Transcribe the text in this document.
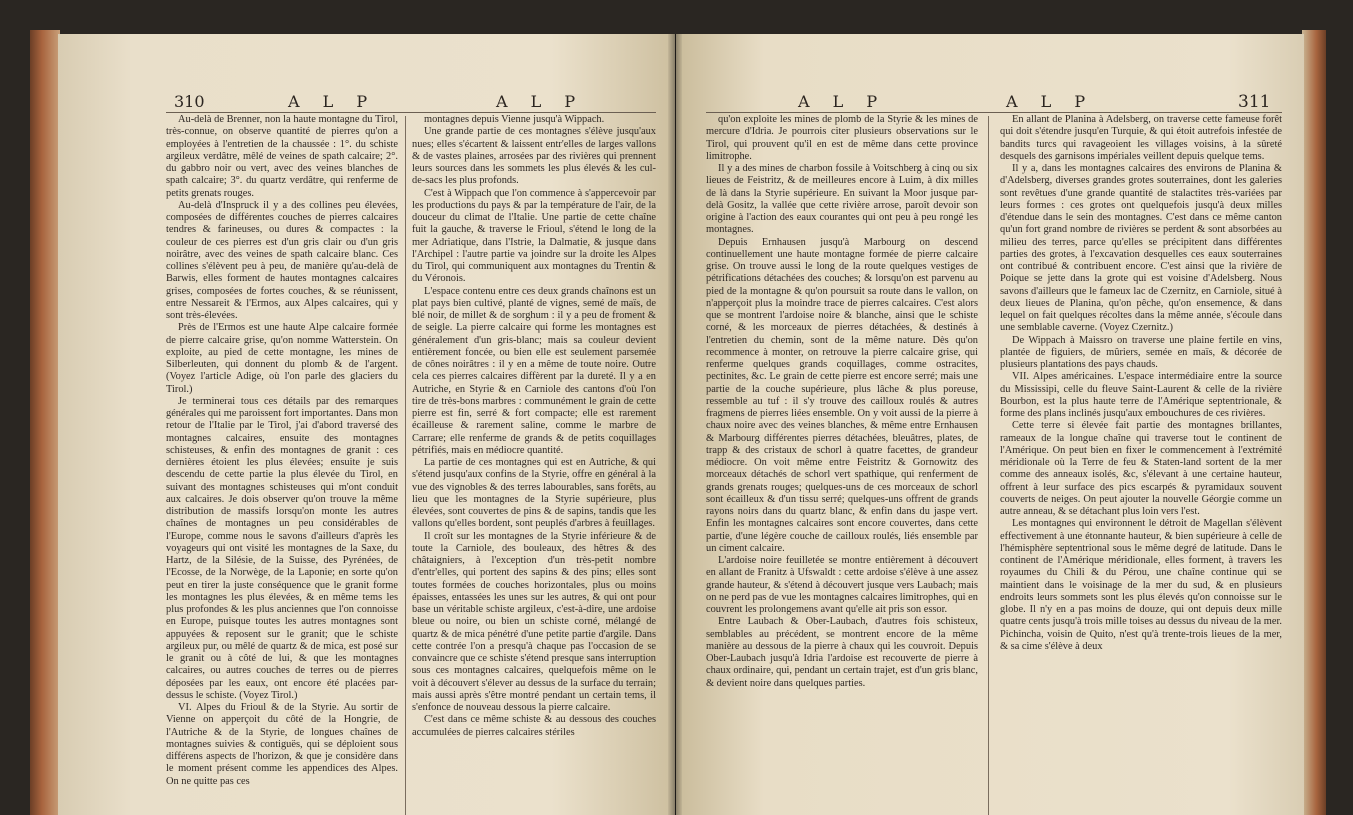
310	A L P	A L P

Au-delà de Brenner, non la haute montagne du Tirol, très-connue, on observe quantité de pierres qu'on a employées à l'entretien de la chaussée : 1°. du schiste argileux verdâtre, mêlé de veines de spath calcaire; 2°. du gabbro noir ou vert, avec des veines blanches de spath calcaire; 3°. du quartz verdâtre, qui renferme de petits grenats rouges.

Au-delà d'Inspruck il y a des collines peu élevées, composées de différentes couches de pierres calcaires tendres & farineuses, ou dures & compactes : la couleur de ces pierres est d'un gris clair ou d'un gris noirâtre, avec des veines de spath calcaire blanc. Ces collines s'élèvent peu à peu, de manière qu'au-delà de Barwis, elles forment de hautes montagnes calcaires grises, composées de fortes couches, & se réunissent, entre Nessareit & l'Ermos, aux Alpes calcaires, qui y sont très-élevées.

Près de l'Ermos est une haute Alpe calcaire formée de pierre calcaire grise, qu'on nomme Watterstein. On exploite, au pied de cette montagne, les mines de Silberleuten, qui donnent du plomb & de l'argent. (Voyez l'article Adige, où l'on parle des glaciers du Tirol.)

Je terminerai tous ces détails par des remarques générales qui me paroissent fort importantes. Dans mon retour de l'Italie par le Tirol, j'ai d'abord traversé des montagnes calcaires, ensuite des montagnes schisteuses, & enfin des montagnes de granit : ces dernières étoient les plus élevées; ensuite je suis descendu de cette partie la plus élevée du Tirol, en suivant des montagnes schisteuses qui m'ont conduit aux calcaires. Je dois observer qu'on trouve la même distribution de massifs lorsqu'on monte les autres chaînes de montagnes un peu considérables de l'Europe, comme nous le savons d'ailleurs d'après les voyageurs qui ont visité les montagnes de la Saxe, du Hartz, de la Silésie, de la Suisse, des Pyrénées, de l'Ecosse, de la Norwège, de la Laponie; en sorte qu'on peut en tirer la juste conséquence que le granit forme les montagnes les plus élevées, & en même tems les plus profondes & les plus anciennes que l'on connoisse en Europe, puisque toutes les autres montagnes sont appuyées & reposent sur le granit; que le schiste argileux pur, ou mêlé de quartz & de mica, est posé sur le granit ou à côté de lui, & que les montagnes calcaires, ou autres couches de terres ou de pierres déposées par les eaux, ont encore été placées par-dessus le schiste. (Voyez Tirol.)

VI. Alpes du Frioul & de la Styrie. Au sortir de Vienne on apperçoit du côté de la Hongrie, de l'Autriche & de la Styrie, de longues chaînes de montagnes suivies & contiguës, qui se déploient sous différens aspects de l'horizon, & que je considère dans le moment présent comme les appendices des Alpes. On ne quitte pas ces

montagnes depuis Vienne jusqu'à Wippach.

Une grande partie de ces montagnes s'élève jusqu'aux nues; elles s'écartent & laissent entr'elles de larges vallons & de vastes plaines, arrosées par des rivières qui prennent leurs sources dans les sommets les plus élevés & les cul-de-sacs les plus profonds.

C'est à Wippach que l'on commence à s'appercevoir par les productions du pays & par la température de l'air, de la douceur du climat de l'Italie. Une partie de cette chaîne fuit la gauche, & traverse le Frioul, s'étend le long de la mer Adriatique, dans l'Istrie, la Dalmatie, & jusque dans l'Archipel : l'autre partie va joindre sur la droite les Alpes du Tirol, qui communiquent aux montagnes du Trentin & du Véronois.

L'espace contenu entre ces deux grands chaînons est un plat pays bien cultivé, planté de vignes, semé de maïs, de blé noir, de millet & de sorghum : il y a peu de froment & de seigle. La pierre calcaire qui forme les montagnes est généralement d'un gris-blanc; mais sa couleur devient entièrement foncée, ou bien elle est seulement parsemée de cônes noirâtres : il y en a même de toute noire. Outre cela ces pierres calcaires diffèrent par la dureté. Il y a en Autriche, en Styrie & en Carniole des cantons d'où l'on tire de très-bons marbres : communément le grain de cette pierre est fin, serré & fort compacte; elle est rarement écailleuse & rarement saline, comme le marbre de Carrare; elle renferme de grands & de petits coquillages pétrifiés, mais en médiocre quantité.

La partie de ces montagnes qui est en Autriche, & qui s'étend jusqu'aux confins de la Styrie, offre en général à la vue des vignobles & des terres labourables, sans forêts, au lieu que les montagnes de la Styrie supérieure, plus élevées, sont couvertes de pins & de sapins, tandis que les vallons qu'elles bordent, sont peuplés d'arbres à feuillages.

Il croît sur les montagnes de la Styrie inférieure & de toute la Carniole, des bouleaux, des hêtres & des châtaigniers, à l'exception d'un très-petit nombre d'entr'elles, qui portent des sapins & des pins; elles sont toutes formées de couches horizontales, plus ou moins épaisses, entassées les unes sur les autres, & qui ont pour base un véritable schiste argileux, c'est-à-dire, une ardoise bleue ou noire, ou bien un schiste corné, mélangé de quartz & de mica pénétré d'une petite partie d'argile. Dans cette contrée l'on a presqu'à chaque pas l'occasion de se convaincre que ce schiste s'étend presque sans interruption sous ces montagnes calcaires, quelquefois même on le voit à découvert s'élever au dessus de la surface du terrain; mais aussi après s'être montré pendant un certain tems, il s'enfonce de nouveau dessous la pierre calcaire.

C'est dans ce même schiste & au dessous des couches accumulées de pierres calcaires stériles

A L P	A L P	311

qu'on exploite les mines de plomb de la Styrie & les mines de mercure d'Idria. Je pourrois citer plusieurs observations sur le Tirol, qui prouvent qu'il en est de même dans cette province limitrophe.

Il y a des mines de charbon fossile à Voitschberg à cinq ou six lieues de Feistritz, & de meilleures encore à Luim, à dix milles de là dans la Styrie supérieure. En suivant la Moor jusque par-delà Gositz, la vallée que cette rivière arrose, paroît devoir son origine à l'action des eaux courantes qui ont peu à peu rongé les montagnes.

Depuis Ernhausen jusqu'à Marbourg on descend continuellement une haute montagne formée de pierre calcaire grise. On trouve aussi le long de la route quelques vestiges de pétrifications détachées des couches; & lorsqu'on est parvenu au pied de la montagne & qu'on poursuit sa route dans le vallon, on n'apperçoit plus la moindre trace de pierres calcaires. C'est alors que se montrent l'ardoise noire & blanche, ainsi que le schiste corné, & les morceaux de pierres détachées, & destinés à l'entretien du chemin, sont de la même nature. Dès qu'on recommence à monter, on retrouve la pierre calcaire grise, qui renferme quelques grands coquillages, comme ostracites, pectinites, &c. Le grain de cette pierre est encore serré; mais une partie de la couche supérieure, plus lâche & plus poreuse, ressemble au tuf : il s'y trouve des cailloux roulés & autres fragmens de pierres liées ensemble. On y voit aussi de la pierre à chaux noire avec des veines blanches, & même entre Ernhausen & Marbourg différentes pierres détachées, bleuâtres, plates, de trapp & des cristaux de schorl à quatre facettes, de grandeur médiocre. On voit même entre Feistritz & Gornowitz des morceaux détachés de schorl vert spathique, qui renferment de grands grenats rouges; quelques-uns de ces morceaux de schorl sont écailleux & d'un tissu serré; quelques-uns offrent de grands rayons noirs dans du quartz blanc, & enfin dans du jaspe vert. Enfin les montagnes calcaires sont encore couvertes, dans cette partie, d'une légère couche de cailloux roulés, liés ensemble par un ciment calcaire.

L'ardoise noire feuilletée se montre entièrement à découvert en allant de Franitz à Ufswaldt : cette ardoise s'élève à une assez grande hauteur, & s'étend à découvert jusque vers Laubach; mais on ne perd pas de vue les montagnes calcaires limitrophes, qui en couvrent les prolongemens avant qu'elle ait pris son essor.

Entre Laubach & Ober-Laubach, d'autres fois schisteux, semblables au précédent, se montrent encore de la même manière au dessous de la pierre à chaux qui les couvroit. Depuis Ober-Laubach jusqu'à Idria l'ardoise est recouverte de pierre à chaux ordinaire, qui, pendant un certain trajet, est d'un gris blanc, & devient noire dans quelques parties.

En allant de Planina à Adelsberg, on traverse cette fameuse forêt qui doit s'étendre jusqu'en Turquie, & qui étoit autrefois infestée de bandits turcs qui ravageoient les villages voisins, à la sûreté desquels des garnisons impériales veillent depuis quelque tems.

Il y a, dans les montagnes calcaires des environs de Planina & d'Adelsberg, diverses grandes grotes souterraines, dont les galeries sont revêtues d'une grande quantité de stalactites très-variées par leurs formes : ces grotes ont quelquefois jusqu'à deux milles d'étendue dans le sein des montagnes. C'est dans ce même canton qu'un fort grand nombre de rivières se perdent & sont absorbées au milieu des terres, parce qu'elles se précipitent dans différentes parties des grotes, à l'excavation desquelles ces eaux souterraines ont contribué & contribuent encore. C'est ainsi que la rivière de Poique se jette dans la grote qui est voisine d'Adelsberg. Nous savons d'ailleurs que le fameux lac de Czernitz, en Carniole, situé à deux lieues de Planina, qu'on pêche, qu'on ensemence, & dans lequel on fait quelques récoltes dans la même année, s'écoule dans une semblable caverne. (Voyez Czernitz.)

De Wippach à Maissro on traverse une plaine fertile en vins, plantée de figuiers, de mûriers, semée en maïs, & décorée de plusieurs plantations des pays chauds.

VII. Alpes américaines. L'espace intermédiaire entre la source du Mississipi, celle du fleuve Saint-Laurent & celle de la rivière Bourbon, est la plus haute terre de l'Amérique septentrionale, & forme des plans inclinés jusqu'aux embouchures de ces rivières.

Cette terre si élevée fait partie des montagnes brillantes, rameaux de la longue chaîne qui traverse tout le continent de l'Amérique. On peut bien en fixer le commencement à l'extrémité méridionale où la Terre de feu & Staten-land sortent de la mer comme des anneaux isolés, &c, s'élevant à une certaine hauteur, offrent à leur surface des pics escarpés & pyramidaux souvent couverts de neiges. On peut ajouter la nouvelle Géorgie comme un autre anneau, & se détachant plus loin vers l'est.

Les montagnes qui environnent le détroit de Magellan s'élèvent effectivement à une étonnante hauteur, & bien supérieure à celle de l'hémisphère septentrional sous le même degré de latitude. Dans le continent de l'Amérique méridionale, elles forment, à travers les royaumes du Chili & du Pérou, une chaîne continue qui se maintient dans le voisinage de la mer du sud, & en plusieurs endroits leurs sommets sont les plus élevés qu'on connoisse sur le globe. Il n'y en a pas moins de douze, qui ont depuis deux mille quatre cents jusqu'à trois mille toises au dessus du niveau de la mer. Pichincha, voisin de Quito, n'est qu'à trente-trois lieues de la mer, & sa cime s'élève à deux
